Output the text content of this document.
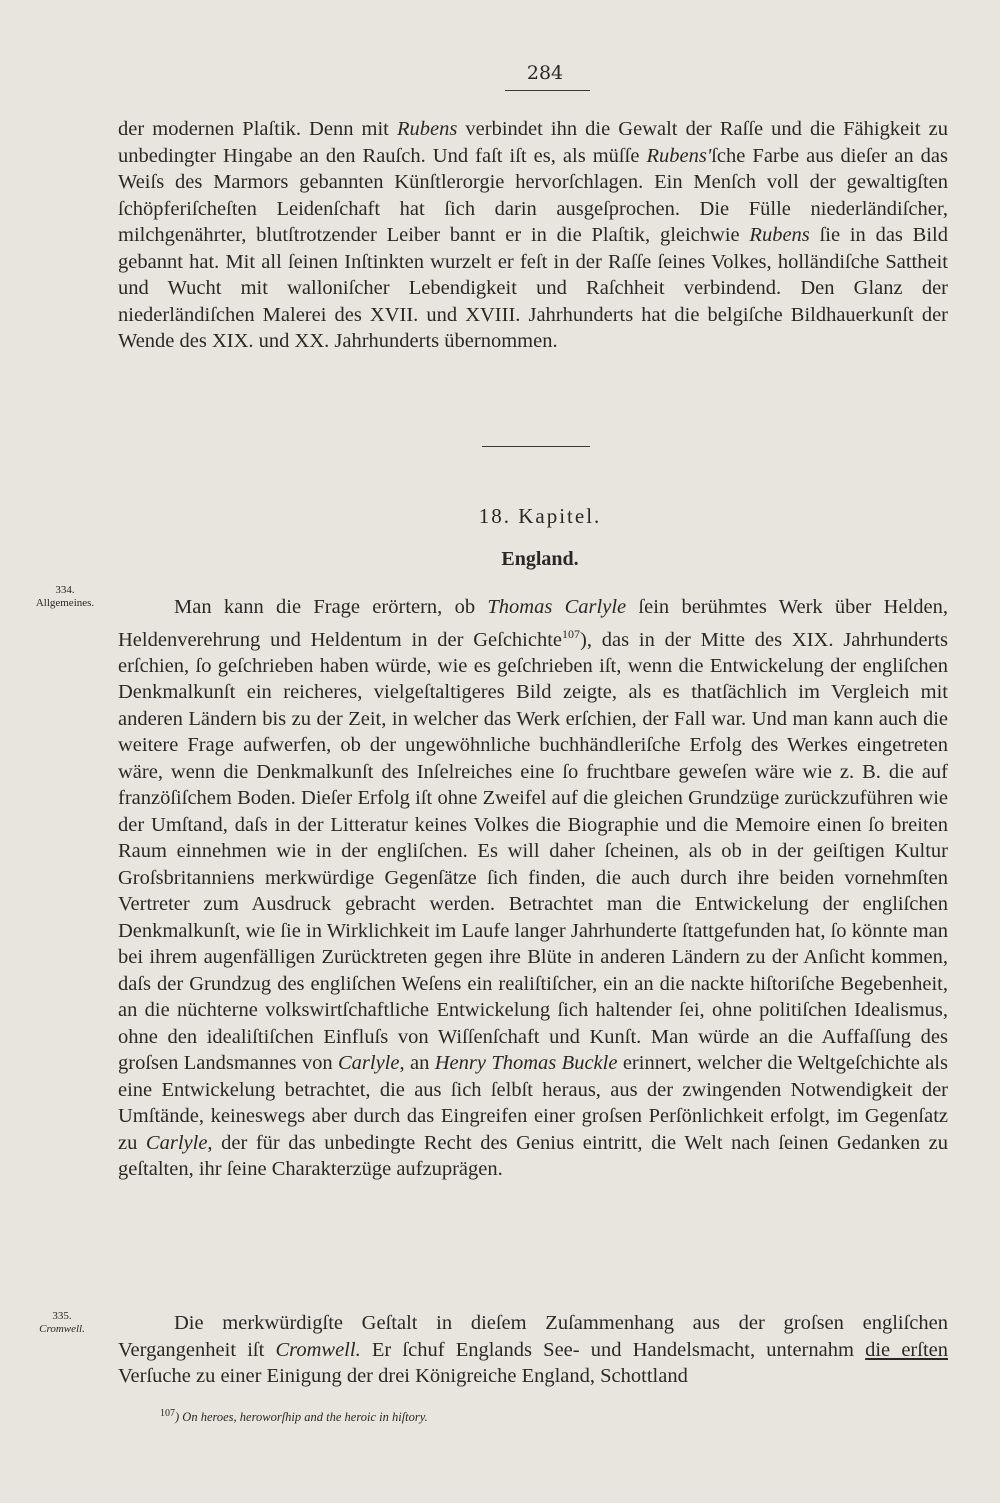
284

der modernen Plaſtik. Denn mit Rubens verbindet ihn die Gewalt der Raſſe und die Fähigkeit zu unbedingter Hingabe an den Rauſch. Und faſt iſt es, als müſſe Rubens'ſche Farbe aus dieſer an das Weiſs des Marmors gebannten Künſtlerorgie hervorſchlagen. Ein Menſch voll der gewaltigſten ſchöpferiſcheſten Leidenſchaft hat ſich darin ausgeſprochen. Die Fülle niederländiſcher, milchgenährter, blutſtrotzender Leiber bannt er in die Plaſtik, gleichwie Rubens ſie in das Bild gebannt hat. Mit all ſeinen Inſtinkten wurzelt er feſt in der Raſſe ſeines Volkes, holländiſche Sattheit und Wucht mit walloniſcher Lebendigkeit und Raſchheit verbindend. Den Glanz der niederländiſchen Malerei des XVII. und XVIII. Jahrhunderts hat die belgiſche Bildhauerkunſt der Wende des XIX. und XX. Jahrhunderts übernommen.

18. Kapitel.
England.
334.
Allgemeines.	Man kann die Frage erörtern, ob Thomas Carlyle ſein berühmtes Werk über Helden, Heldenverehrung und Heldentum in der Geſchichte$^{107}$), das in der Mitte des XIX. Jahrhunderts erſchien, ſo geſchrieben haben würde, wie es geſchrieben iſt, wenn die Entwickelung der engliſchen Denkmalkunſt ein reicheres, vielgeſtaltigeres Bild zeigte, als es thatſächlich im Vergleich mit anderen Ländern bis zu der Zeit, in welcher das Werk erſchien, der Fall war. Und man kann auch die weitere Frage aufwerfen, ob der ungewöhnliche buchhändleriſche Erfolg des Werkes eingetreten wäre, wenn die Denkmalkunſt des Inſelreiches eine ſo fruchtbare geweſen wäre wie z. B. die auf franzöſiſchem Boden. Dieſer Erfolg iſt ohne Zweifel auf die gleichen Grundzüge zurückzuführen wie der Umſtand, daſs in der Litteratur keines Volkes die Biographie und die Memoire einen ſo breiten Raum einnehmen wie in der engliſchen. Es will daher ſcheinen, als ob in der geiſtigen Kultur Groſsbritanniens merkwürdige Gegenſätze ſich finden, die auch durch ihre beiden vornehmſten Vertreter zum Ausdruck gebracht werden. Betrachtet man die Entwickelung der engliſchen Denkmalkunſt, wie ſie in Wirklichkeit im Laufe langer Jahrhunderte ſtattgefunden hat, ſo könnte man bei ihrem augenfälligen Zurücktreten gegen ihre Blüte in anderen Ländern zu der Anſicht kommen, daſs der Grundzug des engliſchen Weſens ein realiſtiſcher, ein an die nackte hiſtoriſche Begebenheit, an die nüchterne volkswirtſchaftliche Entwickelung ſich haltender ſei, ohne politiſchen Idealismus, ohne den idealiſtiſchen Einfluſs von Wiſſenſchaft und Kunſt. Man würde an die Auffaſſung des groſsen Landsmannes von Carlyle, an Henry Thomas Buckle erinnert, welcher die Weltgeſchichte als eine Entwickelung betrachtet, die aus ſich ſelbſt heraus, aus der zwingenden Notwendigkeit der Umſtände, keineswegs aber durch das Eingreifen einer groſsen Perſönlichkeit erfolgt, im Gegenſatz zu Carlyle, der für das unbedingte Recht des Genius eintritt, die Welt nach ſeinen Gedanken zu geſtalten, ihr ſeine Charakterzüge aufzuprägen.

335.
Cromwell.	Die merkwürdigſte Geſtalt in dieſem Zuſammenhang aus der groſsen engliſchen Vergangenheit iſt Cromwell. Er ſchuf Englands See- und Handelsmacht, unternahm die erſten Verſuche zu einer Einigung der drei Königreiche England, Schottland

$^{107}$) On heroes, heroworſhip and the heroic in hiſtory.
